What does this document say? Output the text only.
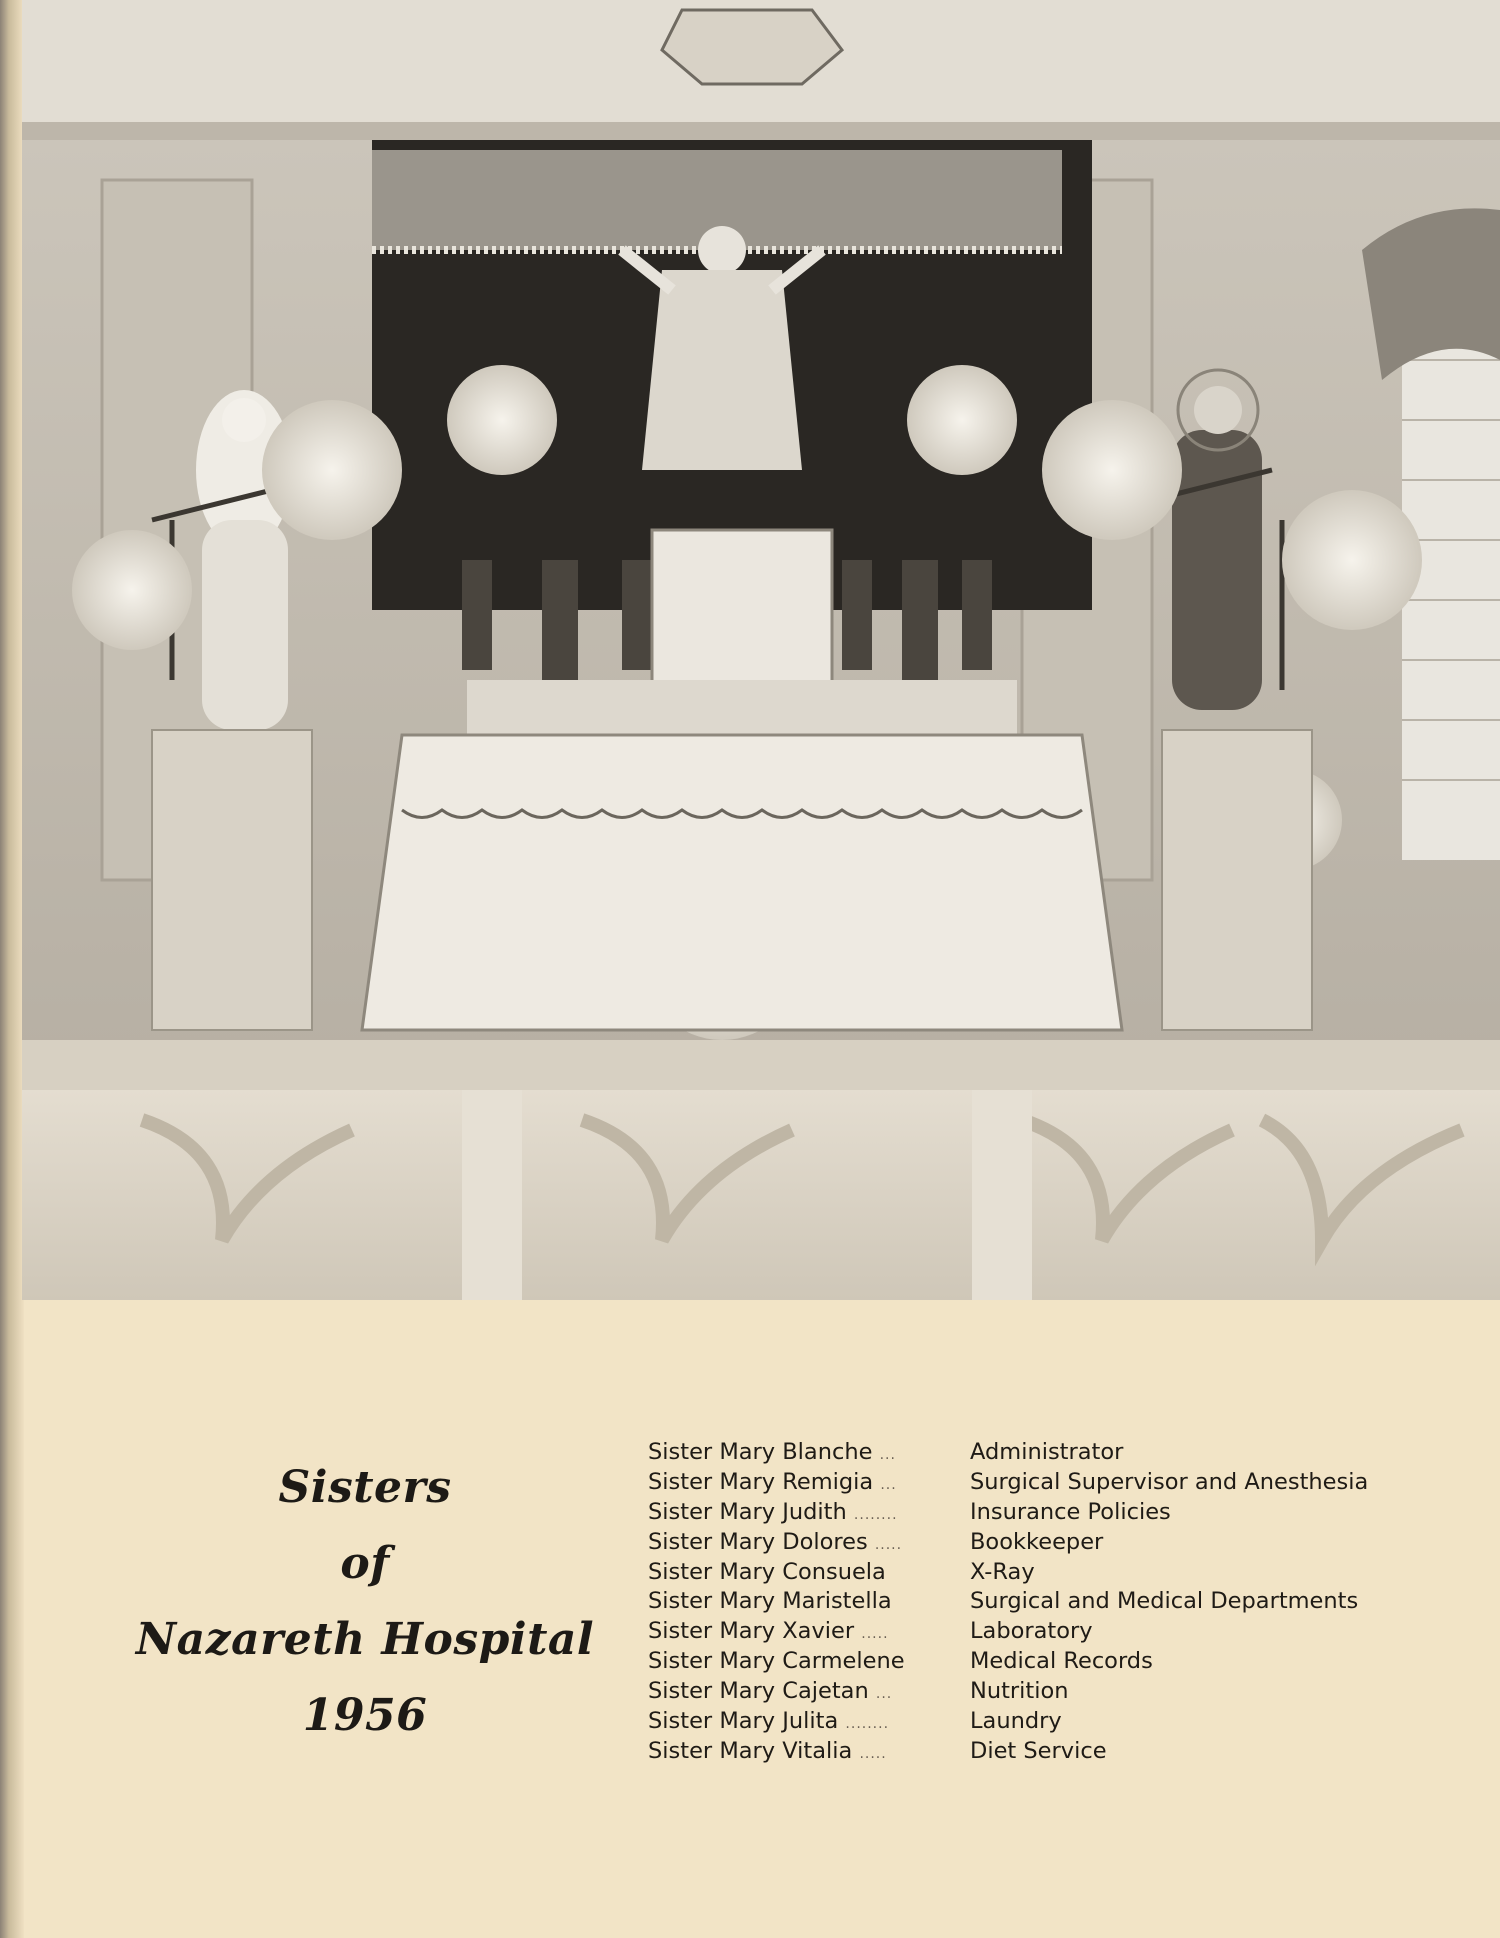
Sisters
of
Nazareth Hospital
1956
Sister Mary Blanche ...	Administrator
Sister Mary Remigia ...	Surgical Supervisor and Anesthesia
Sister Mary Judith ........	Insurance Policies
Sister Mary Dolores .....	Bookkeeper
Sister Mary Consuela	X-Ray
Sister Mary Maristella	Surgical and Medical Departments
Sister Mary Xavier .....	Laboratory
Sister Mary Carmelene	Medical Records
Sister Mary Cajetan ...	Nutrition
Sister Mary Julita ........	Laundry
Sister Mary Vitalia .....	Diet Service
